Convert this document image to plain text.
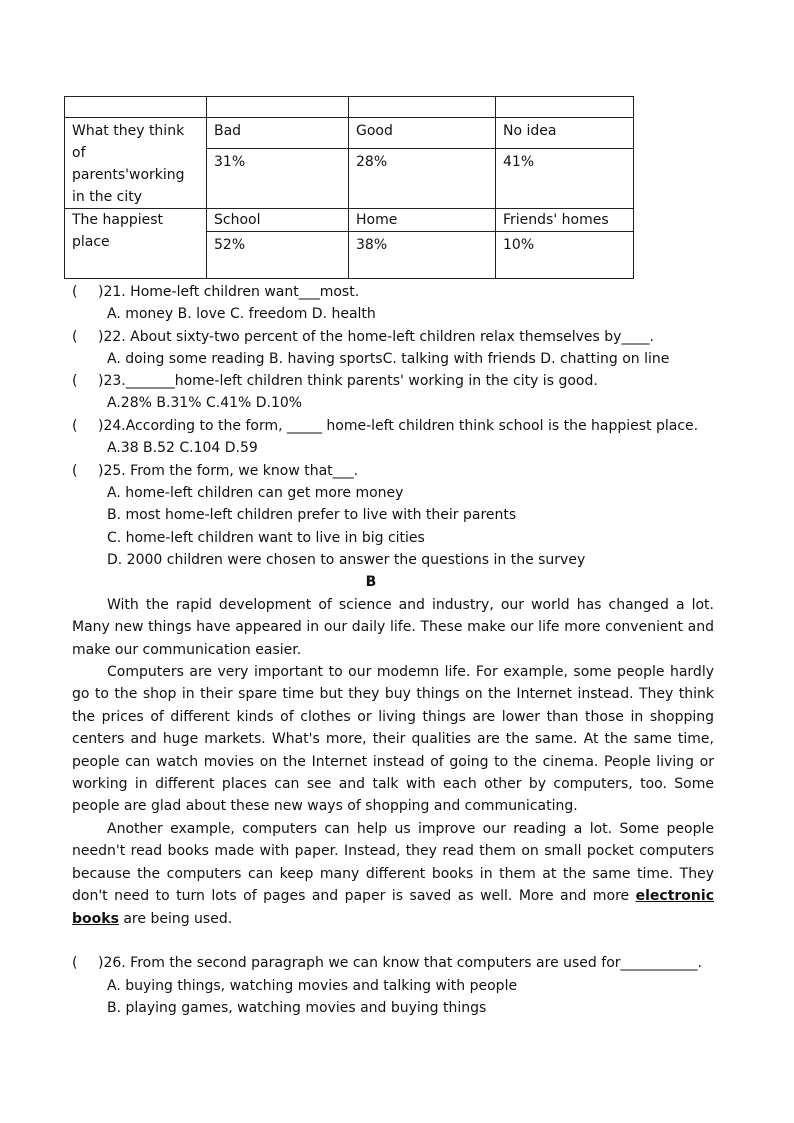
What they think of parents'working in the city	Bad	Good	No idea
	31%	28%	41%
The happiest place	School	Home	Friends' homes
	52%	38%	10%
( )21. Home-left children want___most.
A. money B. love C. freedom D. health
( )22. About sixty-two percent of the home-left children relax themselves by____.
A. doing some reading B. having sportsC. talking with friends D. chatting on line
( )23._______home-left children think parents' working in the city is good.
A.28% B.31% C.41% D.10%
( )24.According to the form, _____ home-left children think school is the happiest place.
A.38 B.52 C.104 D.59
( )25. From the form, we know that___.
A. home-left children can get more money
B. most home-left children prefer to live with their parents
C. home-left children want to live in big cities
D. 2000 children were chosen to answer the questions in the survey
B

With the rapid development of science and industry, our world has changed a lot. Many new things have appeared in our daily life. These make our life more convenient and make our communication easier.

Computers are very important to our modemn life. For example, some people hardly go to the shop in their spare time but they buy things on the Internet instead. They think the prices of different kinds of clothes or living things are lower than those in shopping centers and huge markets. What's more, their qualities are the same. At the same time, people can watch movies on the Internet instead of going to the cinema. People living or working in different places can see and talk with each other by computers, too. Some people are glad about these new ways of shopping and communicating.

Another example, computers can help us improve our reading a lot. Some people needn't read books made with paper. Instead, they read them on small pocket computers because the computers can keep many different books in them at the same time. They don't need to turn lots of pages and paper is saved as well. More and more electronic books are being used.

( )26. From the second paragraph we can know that computers are used for___________.
A. buying things, watching movies and talking with people
B. playing games, watching movies and buying things
